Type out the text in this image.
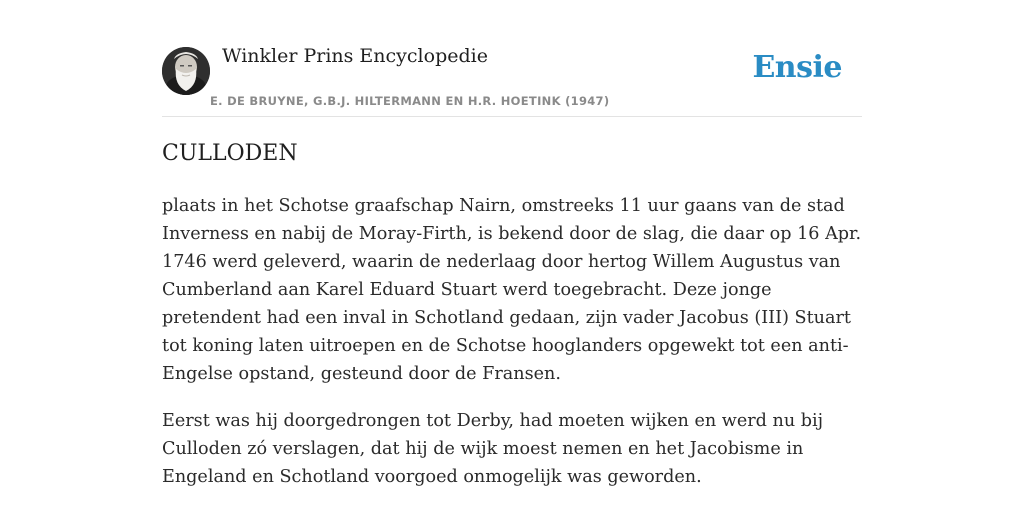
Winkler Prins Encyclopedie
E. DE BRUYNE, G.B.J. HILTERMANN EN H.R. HOETINK (1947)
Ensie
CULLODEN

plaats in het Schotse graafschap Nairn, omstreeks 11 uur gaans van de stad Inverness en nabij de Moray-Firth, is bekend door de slag, die daar op 16 Apr. 1746 werd geleverd, waarin de nederlaag door hertog Willem Augustus van Cumberland aan Karel Eduard Stuart werd toegebracht. Deze jonge pretendent had een inval in Schotland gedaan, zijn vader Jacobus (III) Stuart tot koning laten uitroepen en de Schotse hooglanders opgewekt tot een anti-Engelse opstand, gesteund door de Fransen.

Eerst was hij doorgedrongen tot Derby, had moeten wijken en werd nu bij Culloden zó verslagen, dat hij de wijk moest nemen en het Jacobisme in Engeland en Schotland voorgoed onmogelijk was geworden.
